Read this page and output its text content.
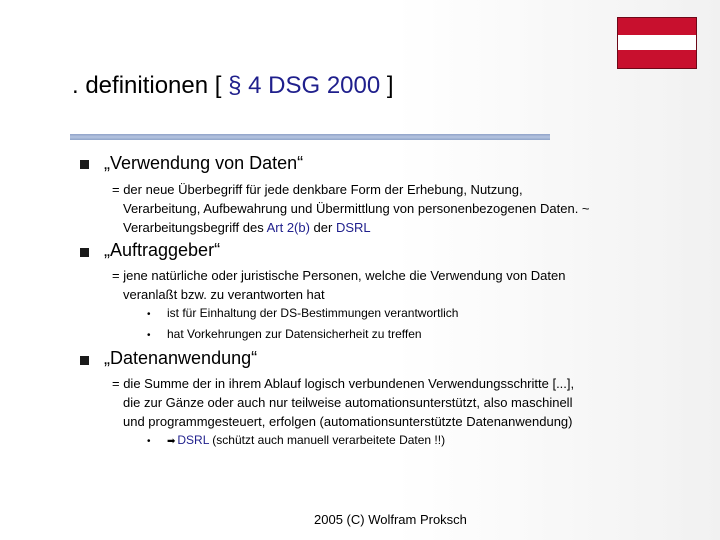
. definitionen [ § 4 DSG 2000 ]
„Verwendung von Daten“
= der neue Überbegriff für jede denkbare Form der Erhebung, Nutzung,
Verarbeitung, Aufbewahrung und Übermittlung von personenbezogenen Daten. ~
Verarbeitungsbegriff des Art 2(b) der DSRL
„Auftraggeber“
= jene natürliche oder juristische Personen, welche die Verwendung von Daten
veranlaßt bzw. zu verantworten hat
• ist für Einhaltung der DS-Bestimmungen verantwortlich
• hat Vorkehrungen zur Datensicherheit zu treffen
„Datenanwendung“
= die Summe der in ihrem Ablauf logisch verbundenen Verwendungsschritte [...],
die zur Gänze oder auch nur teilweise automationsunterstützt, also maschinell
und programmgesteuert, erfolgen (automationsunterstützte Datenanwendung)
• ➡ DSRL (schützt auch manuell verarbeitete Daten !!)
2005 (C) Wolfram Proksch
